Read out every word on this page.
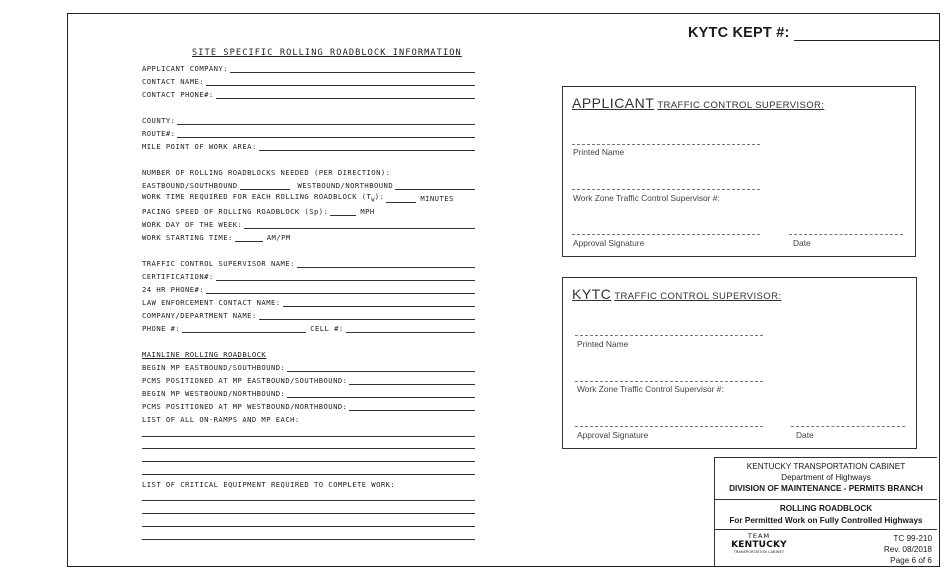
KYTC KEPT #:
SITE SPECIFIC ROLLING ROADBLOCK INFORMATION
APPLICANT COMPANY:
CONTACT NAME:
CONTACT PHONE#:
COUNTY:
ROUTE#:
MILE POINT OF WORK AREA:
NUMBER OF ROLLING ROADBLOCKS NEEDED (PER DIRECTION):
EASTBOUND/SOUTHBOUND	WESTBOUND/NORTHBOUND
WORK TIME REQUIRED FOR EACH ROLLING ROADBLOCK $(T_W)$:	MINUTES
PACING SPEED OF ROLLING ROADBLOCK (Sp):	MPH
WORK DAY OF THE WEEK:
WORK STARTING TIME:	AM/PM
TRAFFIC CONTROL SUPERVISOR NAME:
CERTIFICATION#:
24 HR PHONE#:
LAW ENFORCEMENT CONTACT NAME:
COMPANY/DEPARTMENT NAME:
PHONE #:	CELL #:
MAINLINE ROLLING ROADBLOCK
BEGIN MP EASTBOUND/SOUTHBOUND:
PCMS POSITIONED AT MP EASTBOUND/SOUTHBOUND:
BEGIN MP WESTBOUND/NORTHBOUND:
PCMS POSITIONED AT MP WESTBOUND/NORTHBOUND:
LIST OF ALL ON-RAMPS AND MP EACH:
LIST OF CRITICAL EQUIPMENT REQUIRED TO COMPLETE WORK:
APPLICANT TRAFFIC CONTROL SUPERVISOR:
Printed Name
Work Zone Traffic Control Supervisor #:
Approval Signature	Date
KYTC TRAFFIC CONTROL SUPERVISOR:
Printed Name
Work Zone Traffic Control Supervisor #:
Approval Signature	Date
KENTUCKY TRANSPORTATION CABINET
Department of Highways
DIVISION OF MAINTENANCE - PERMITS BRANCH
ROLLING ROADBLOCK
For Permitted Work on Fully Controlled Highways
TEAM
KENTUCKY
TRANSPORTATION CABINET
TC 99-210
Rev. 08/2018
Page 6 of 6
